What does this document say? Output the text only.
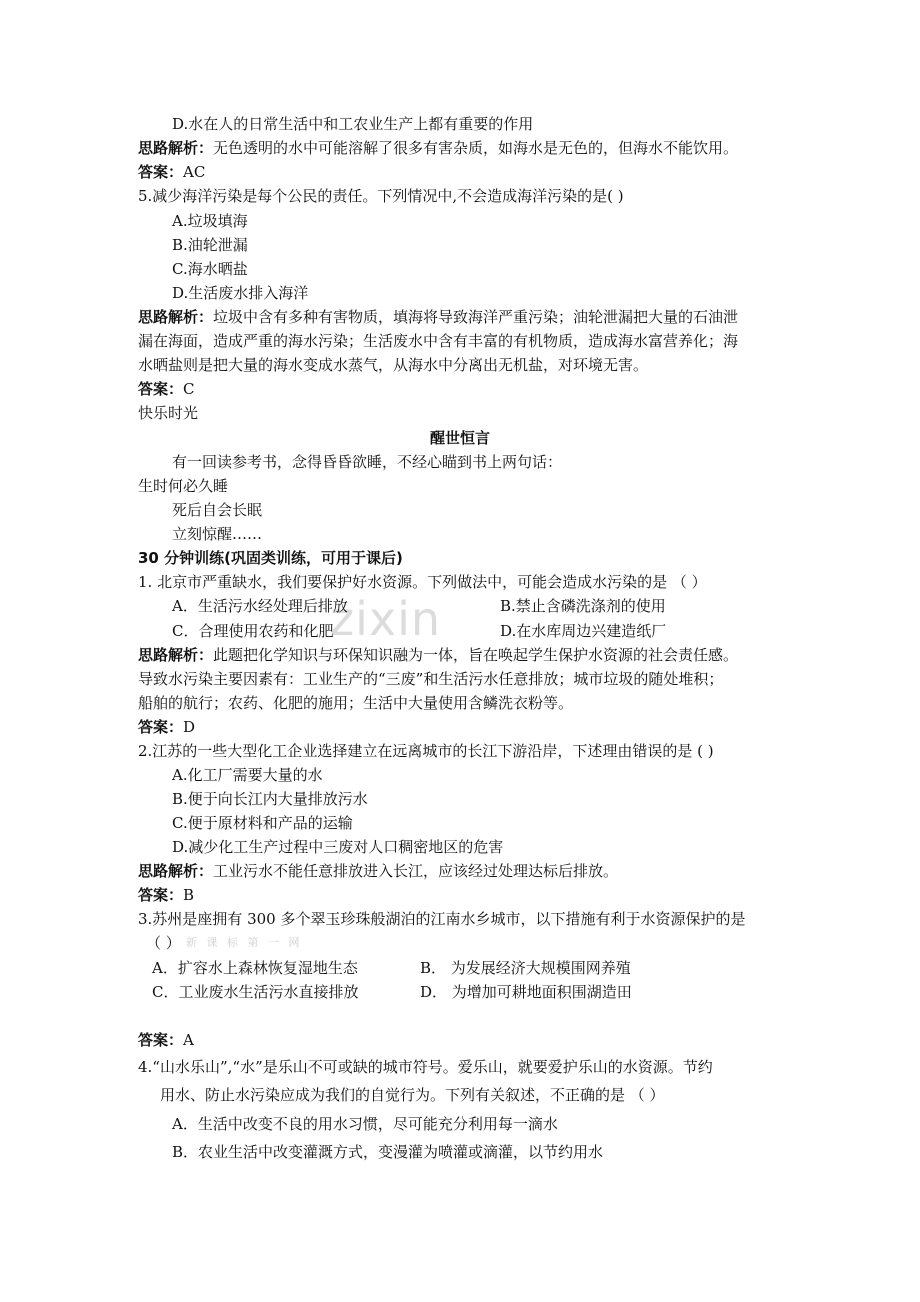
zixin
D.水在人的日常生活中和工农业生产上都有重要的作用
思路解析：无色透明的水中可能溶解了很多有害杂质，如海水是无色的，但海水不能饮用。
答案：AC
5.减少海洋污染是每个公民的责任。下列情况中,不会造成海洋污染的是( )
A.垃圾填海
B.油轮泄漏
C.海水晒盐
D.生活废水排入海洋
思路解析：垃圾中含有多种有害物质，填海将导致海洋严重污染；油轮泄漏把大量的石油泄
漏在海面，造成严重的海水污染；生活废水中含有丰富的有机物质，造成海水富营养化；海
水晒盐则是把大量的海水变成水蒸气，从海水中分离出无机盐，对环境无害。
答案：C
快乐时光
醒世恒言
有一回读参考书，念得昏昏欲睡，不经心瞄到书上两句话：
生时何必久睡
死后自会长眠
立刻惊醒……
30 分钟训练(巩固类训练，可用于课后)
1. 北京市严重缺水，我们要保护好水资源。下列做法中，可能会造成水污染的是 （ ）
A．生活污水经处理后排放	B.禁止含磷洗涤剂的使用
C．合理使用农药和化肥	D.在水库周边兴建造纸厂
思路解析：此题把化学知识与环保知识融为一体，旨在唤起学生保护水资源的社会责任感。
导致水污染主要因素有：工业生产的“三废”和生活污水任意排放；城市垃圾的随处堆积；
船舶的航行；农药、化肥的施用；生活中大量使用含鳞洗衣粉等。
答案：D
2.江苏的一些大型化工企业选择建立在远离城市的长江下游沿岸，下述理由错误的是 ( )
A.化工厂需要大量的水
B.便于向长江内大量排放污水
C.便于原材料和产品的运输
D.减少化工生产过程中三废对人口稠密地区的危害
思路解析：工业污水不能任意排放进入长江，应该经过处理达标后排放。
答案：B
3.苏州是座拥有 300 多个翠玉珍珠般湖泊的江南水乡城市，以下措施有利于水资源保护的是
（ ） 新 课 标 第 一 网
A．扩容水上森林恢复湿地生态	B． 为发展经济大规模围网养殖
C．工业废水生活污水直接排放	D． 为增加可耕地面积围湖造田
答案：A
4.“山水乐山”,“水”是乐山不可或缺的城市符号。爱乐山，就要爱护乐山的水资源。节约
用水、防止水污染应成为我们的自觉行为。下列有关叙述，不正确的是 （ ）
A．生活中改变不良的用水习惯，尽可能充分利用每一滴水
B．农业生活中改变灌溉方式，变漫灌为喷灌或滴灌，以节约用水
